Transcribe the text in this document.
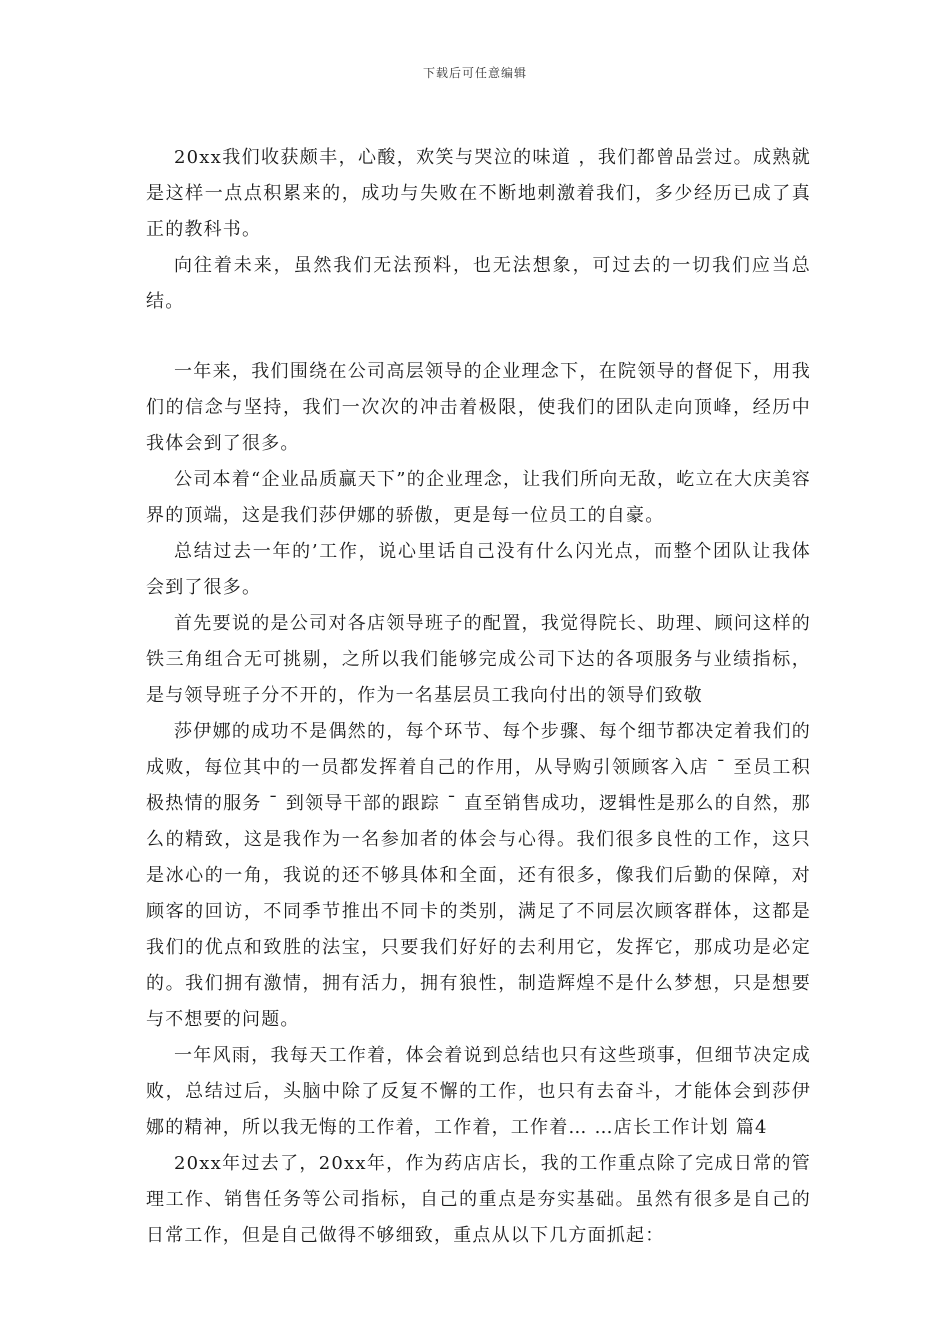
下载后可任意编辑

20xx我们收获颇丰，心酸，欢笑与哭泣的味道 ，我们都曾品尝过。成熟就是这样一点点积累来的，成功与失败在不断地刺激着我们，多少经历已成了真正的教科书。

向往着未来，虽然我们无法预料，也无法想象，可过去的一切我们应当总结。

一年来，我们围绕在公司高层领导的企业理念下，在院领导的督促下，用我们的信念与坚持，我们一次次的冲击着极限，使我们的团队走向顶峰，经历中我体会到了很多。

公司本着“企业品质赢天下”的企业理念，让我们所向无敌，屹立在大庆美容界的顶端，这是我们莎伊娜的骄傲，更是每一位员工的自豪。

总结过去一年的’工作，说心里话自己没有什么闪光点，而整个团队让我体会到了很多。

首先要说的是公司对各店领导班子的配置，我觉得院长、助理、顾问这样的铁三角组合无可挑剔，之所以我们能够完成公司下达的各项服务与业绩指标，是与领导班子分不开的，作为一名基层员工我向付出的领导们致敬

莎伊娜的成功不是偶然的，每个环节、每个步骤、每个细节都决定着我们的成败，每位其中的一员都发挥着自己的作用，从导购引领顾客入店 ¯ 至员工积极热情的服务 ¯ 到领导干部的跟踪 ¯ 直至销售成功，逻辑性是那么的自然，那么的精致，这是我作为一名参加者的体会与心得。我们很多良性的工作，这只是冰心的一角，我说的还不够具体和全面，还有很多，像我们后勤的保障，对顾客的回访，不同季节推出不同卡的类别，满足了不同层次顾客群体，这都是我们的优点和致胜的法宝，只要我们好好的去利用它，发挥它，那成功是必定的。我们拥有激情，拥有活力，拥有狼性，制造辉煌不是什么梦想，只是想要与不想要的问题。

一年风雨，我每天工作着，体会着说到总结也只有这些琐事，但细节决定成败，总结过后，头脑中除了反复不懈的工作，也只有去奋斗，才能体会到莎伊娜的精神，所以我无悔的工作着，工作着，工作着… …店长工作计划 篇4

20xx年过去了，20xx年，作为药店店长，我的工作重点除了完成日常的管理工作、销售任务等公司指标，自己的重点是夯实基础。虽然有很多是自己的日常工作，但是自己做得不够细致，重点从以下几方面抓起：
